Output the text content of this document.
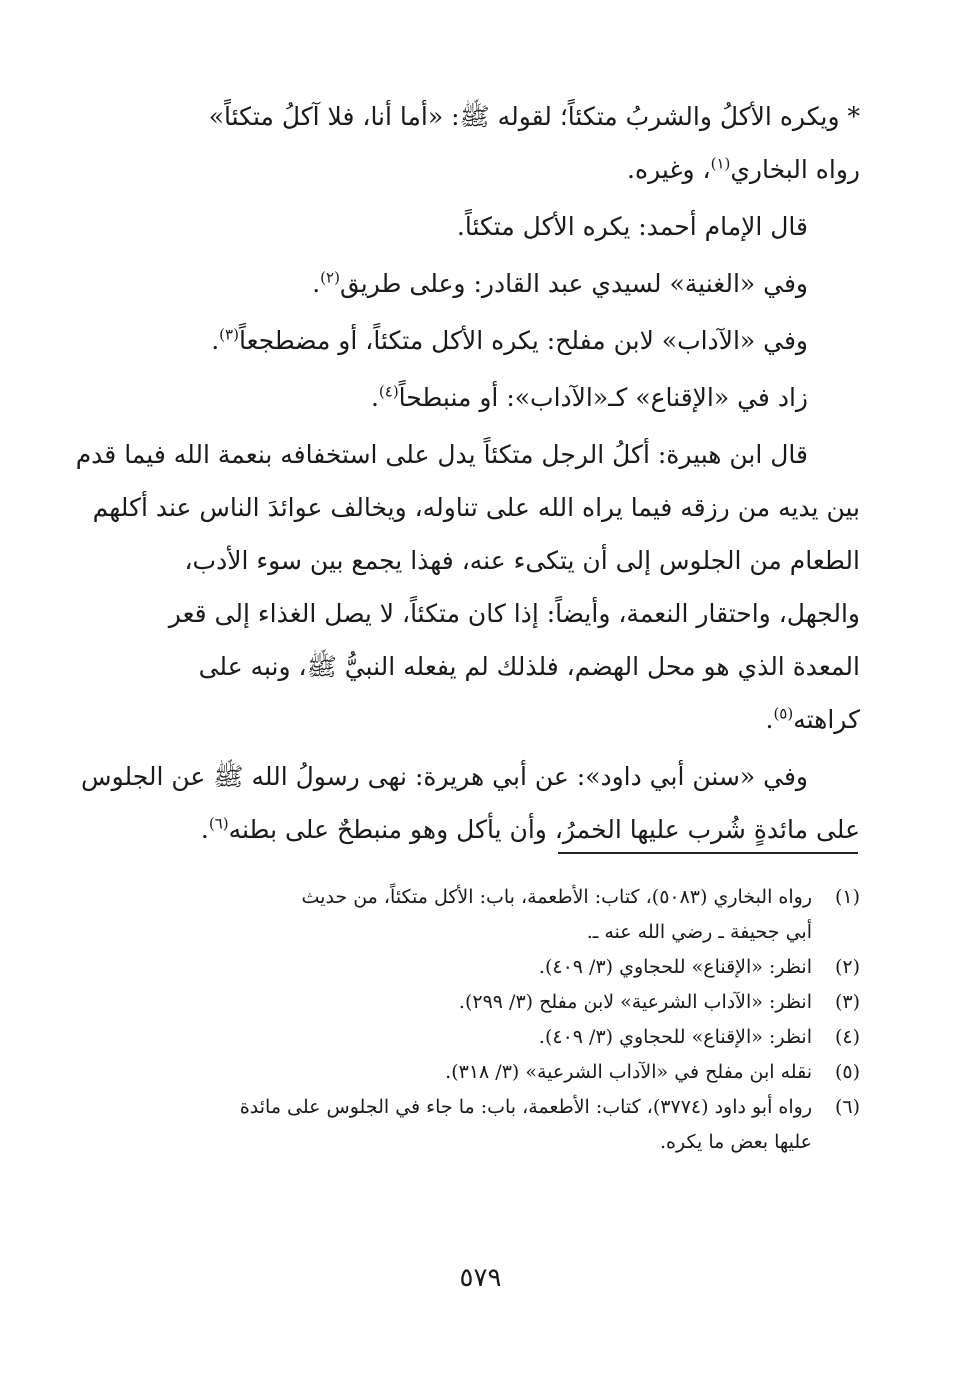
* ويكره الأكلُ والشربُ متكئاً؛ لقوله ﷺ: «أما أنا، فلا آكلُ متكئاً»
رواه البخاري$^{(١)}$، وغيره.

قال الإمام أحمد: يكره الأكل متكئاً.

وفي «الغنية» لسيدي عبد القادر: وعلى طريق$^{(٢)}$.

وفي «الآداب» لابن مفلح: يكره الأكل متكئاً، أو مضطجعاً$^{(٣)}$.

زاد في «الإقناع» كـ«الآداب»: أو منبطحاً$^{(٤)}$.

قال ابن هبيرة: أكلُ الرجل متكئاً يدل على استخفافه بنعمة الله فيما قدم
بين يديه من رزقه فيما يراه الله على تناوله، ويخالف عوائدَ الناس عند أكلهم
الطعام من الجلوس إلى أن يتكىء عنه، فهذا يجمع بين سوء الأدب،
والجهل، واحتقار النعمة، وأيضاً: إذا كان متكئاً، لا يصل الغذاء إلى قعر
المعدة الذي هو محل الهضم، فلذلك لم يفعله النبيُّ ﷺ، ونبه على
كراهته$^{(٥)}$.

وفي «سنن أبي داود»: عن أبي هريرة: نهى رسولُ الله ﷺ عن الجلوس
على مائدةٍ شُرب عليها الخمرُ، وأن يأكل وهو منبطحٌ على بطنه$^{(٦)}$.

(١)
رواه البخاري (٥٠٨٣)، كتاب: الأطعمة، باب: الأكل متكئاً، من حديث
أبي جحيفة ـ رضي الله عنه ـ.
(٢)
انظر: «الإقناع» للحجاوي (٣/ ٤٠٩).
(٣)
انظر: «الآداب الشرعية» لابن مفلح (٣/ ٢٩٩).
(٤)
انظر: «الإقناع» للحجاوي (٣/ ٤٠٩).
(٥)
نقله ابن مفلح في «الآداب الشرعية» (٣/ ٣١٨).
(٦)
رواه أبو داود (٣٧٧٤)، كتاب: الأطعمة، باب: ما جاء في الجلوس على مائدة
عليها بعض ما يكره.
٥٧٩
